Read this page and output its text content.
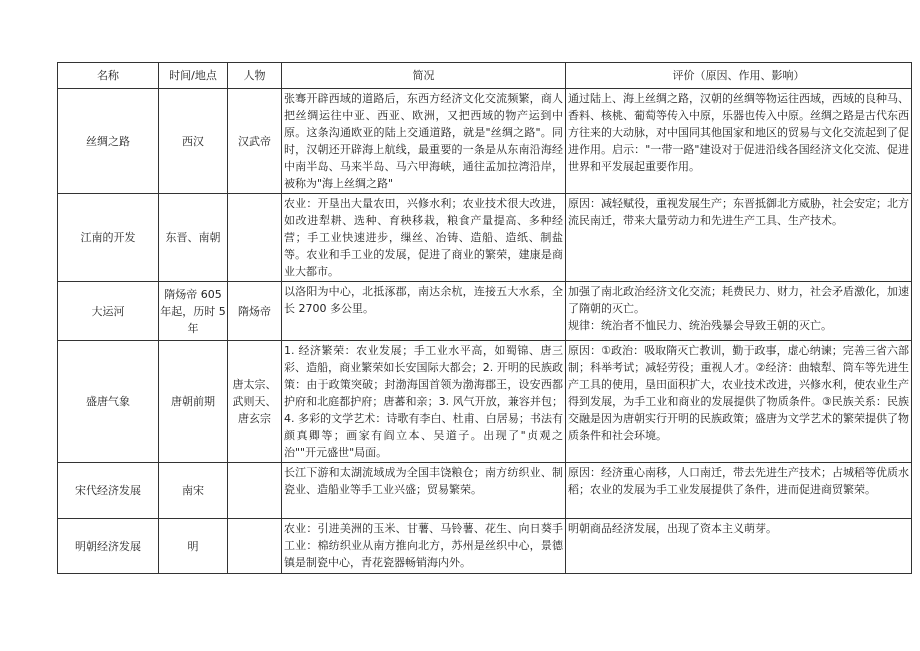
名称	时间/地点	人物	简况	评价（原因、作用、影响）
丝绸之路	西汉	汉武帝	张骞开辟西域的道路后，东西方经济文化交流频繁，商人把丝绸运往中亚、西亚、欧洲，又把西域的物产运到中原。这条沟通欧亚的陆上交通道路，就是"丝绸之路"。同时，汉朝还开辟海上航线，最重要的一条是从东南沿海经中南半岛、马来半岛、马六甲海峡，通往孟加拉湾沿岸，被称为"海上丝绸之路"	通过陆上、海上丝绸之路，汉朝的丝绸等物运往西域，西域的良种马、香料、核桃、葡萄等传入中原，乐器也传入中原。丝绸之路是古代东西方往来的大动脉，对中国同其他国家和地区的贸易与文化交流起到了促进作用。启示："一带一路"建设对于促进沿线各国经济文化交流、促进世界和平发展起重要作用。
江南的开发	东晋、南朝		农业：开垦出大量农田，兴修水利；农业技术很大改进，如改进犁耕、选种、育秧移栽，粮食产量提高、多种经营；手工业快速进步，缫丝、冶铸、造船、造纸、制盐等。农业和手工业的发展，促进了商业的繁荣，建康是商业大都市。	原因：减轻赋役，重视发展生产；东晋抵御北方威胁，社会安定；北方流民南迁，带来大量劳动力和先进生产工具、生产技术。
大运河	隋炀帝 605 年起，历时 5 年	隋炀帝	以洛阳为中心，北抵涿郡，南达余杭，连接五大水系，全长 2700 多公里。	加强了南北政治经济文化交流；耗费民力、财力，社会矛盾激化，加速了隋朝的灭亡。
规律：统治者不恤民力、统治残暴会导致王朝的灭亡。
盛唐气象	唐朝前期	唐太宗、武则天、唐玄宗	1. 经济繁荣：农业发展；手工业水平高，如蜀锦、唐三彩、造船，商业繁荣如长安国际大都会；2. 开明的民族政策：由于政策突破；封渤海国首领为渤海郡王，设安西都护府和北庭都护府；唐蕃和亲；3. 风气开放，兼容并包；4. 多彩的文学艺术：诗歌有李白、杜甫、白居易；书法有颜真卿等；画家有阎立本、吴道子。出现了"贞观之治""开元盛世"局面。	原因：①政治：吸取隋灭亡教训，勤于政事，虚心纳谏；完善三省六部制；科举考试；减轻劳役；重视人才。②经济：曲辕犁、筒车等先进生产工具的使用，垦田面积扩大，农业技术改进，兴修水利，使农业生产得到发展，为手工业和商业的发展提供了物质条件。③民族关系：民族交融是因为唐朝实行开明的民族政策；盛唐为文学艺术的繁荣提供了物质条件和社会环境。
宋代经济发展	南宋		长江下游和太湖流域成为全国丰饶粮仓；南方纺织业、制瓷业、造船业等手工业兴盛；贸易繁荣。	原因：经济重心南移，人口南迁，带去先进生产技术；占城稻等优质水稻；农业的发展为手工业发展提供了条件，进而促进商贸繁荣。
明朝经济发展	明		农业：引进美洲的玉米、甘薯、马铃薯、花生、向日葵手工业：棉纺织业从南方推向北方，苏州是丝织中心，景德镇是制瓷中心，青花瓷器畅销海内外。	明朝商品经济发展，出现了资本主义萌芽。
